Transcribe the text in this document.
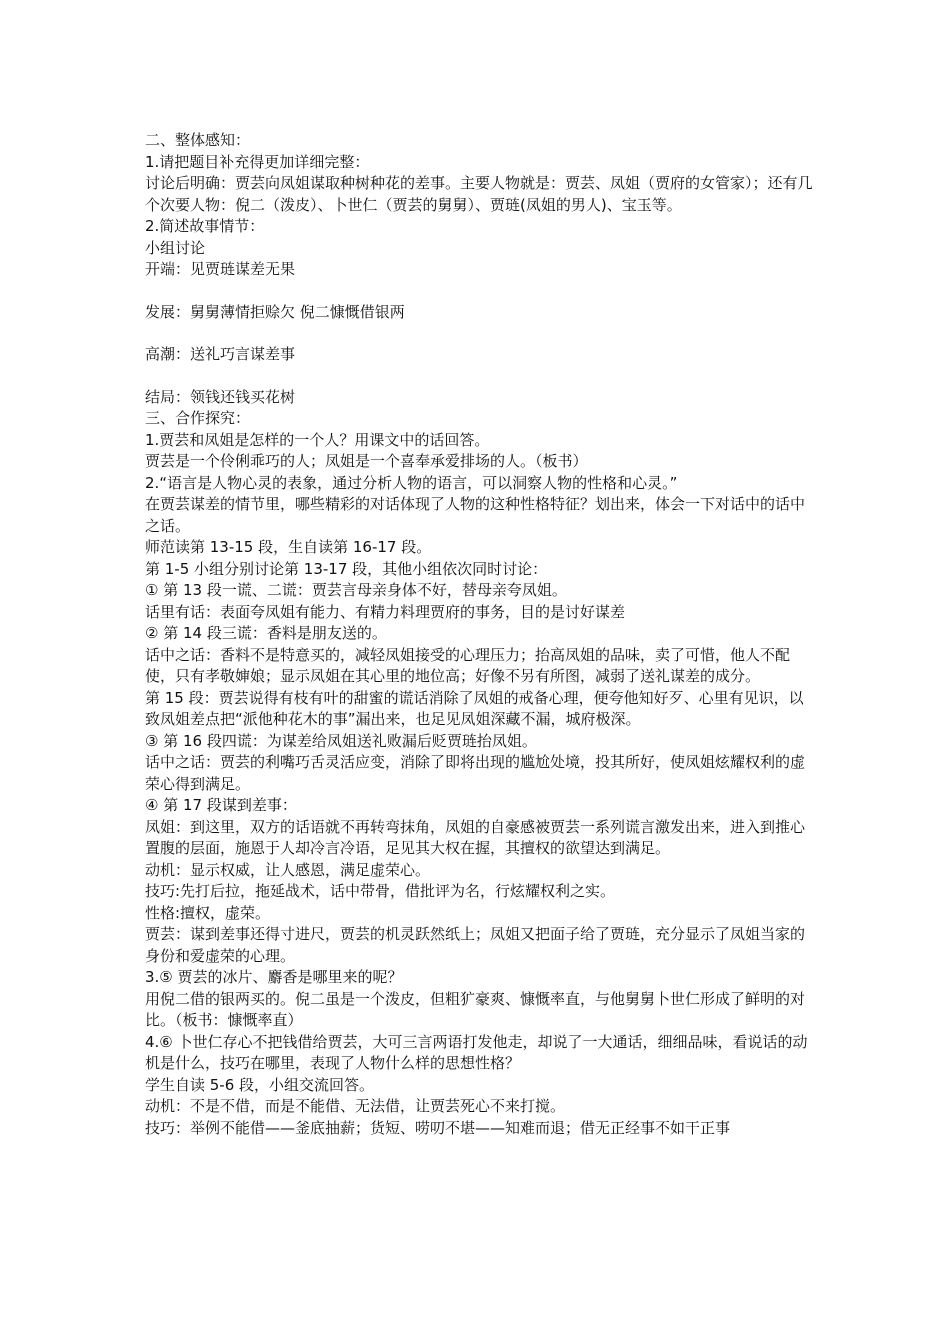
二、整体感知：

1.请把题目补充得更加详细完整：

讨论后明确：贾芸向凤姐谋取种树种花的差事。主要人物就是：贾芸、凤姐（贾府的女管家）；还有几个次要人物：倪二（泼皮）、卜世仁（贾芸的舅舅）、贾琏(凤姐的男人)、宝玉等。

2.简述故事情节：

小组讨论

开端：见贾琏谋差无果

发展：舅舅薄情拒赊欠 倪二慷慨借银两

高潮：送礼巧言谋差事

结局：领钱还钱买花树

三、合作探究：

1.贾芸和凤姐是怎样的一个人？用课文中的话回答。

贾芸是一个伶俐乖巧的人；凤姐是一个喜奉承爱排场的人。（板书）

2.“语言是人物心灵的表象，通过分析人物的语言，可以洞察人物的性格和心灵。”

在贾芸谋差的情节里，哪些精彩的对话体现了人物的这种性格特征？划出来，体会一下对话中的话中之话。

师范读第 13-15 段，生自读第 16-17 段。

第 1-5 小组分别讨论第 13-17 段，其他小组依次同时讨论：

① 第 13 段一谎、二谎：贾芸言母亲身体不好，替母亲夸凤姐。

话里有话：表面夸凤姐有能力、有精力料理贾府的事务，目的是讨好谋差

② 第 14 段三谎：香料是朋友送的。

话中之话：香料不是特意买的，减轻凤姐接受的心理压力；抬高凤姐的品味，卖了可惜，他人不配使，只有孝敬婶娘；显示凤姐在其心里的地位高；好像不另有所图，减弱了送礼谋差的成分。

第 15 段：贾芸说得有枝有叶的甜蜜的谎话消除了凤姐的戒备心理，便夸他知好歹、心里有见识，以致凤姐差点把“派他种花木的事”漏出来，也足见凤姐深藏不漏，城府极深。

③ 第 16 段四谎：为谋差给凤姐送礼败漏后贬贾琏抬凤姐。

话中之话：贾芸的利嘴巧舌灵活应变，消除了即将出现的尴尬处境，投其所好，使凤姐炫耀权利的虚荣心得到满足。

④ 第 17 段谋到差事：

凤姐：到这里，双方的话语就不再转弯抹角，凤姐的自豪感被贾芸一系列谎言激发出来，进入到推心置腹的层面，施恩于人却冷言冷语，足见其大权在握，其擅权的欲望达到满足。

动机：显示权威，让人感恩，满足虚荣心。

技巧:先打后拉，拖延战术，话中带骨，借批评为名，行炫耀权利之实。

性格:擅权，虚荣。

贾芸：谋到差事还得寸进尺，贾芸的机灵跃然纸上；凤姐又把面子给了贾琏，充分显示了凤姐当家的身份和爱虚荣的心理。

3.⑤ 贾芸的冰片、麝香是哪里来的呢？

用倪二借的银两买的。倪二虽是一个泼皮，但粗犷豪爽、慷慨率直，与他舅舅卜世仁形成了鲜明的对比。（板书：慷慨率直）

4.⑥ 卜世仁存心不把钱借给贾芸，大可三言两语打发他走，却说了一大通话，细细品味，看说话的动机是什么，技巧在哪里，表现了人物什么样的思想性格？

学生自读 5-6 段，小组交流回答。

动机：不是不借，而是不能借、无法借，让贾芸死心不来打搅。

技巧：举例不能借——釜底抽薪；货短、唠叨不堪——知难而退；借无正经事不如干正事
